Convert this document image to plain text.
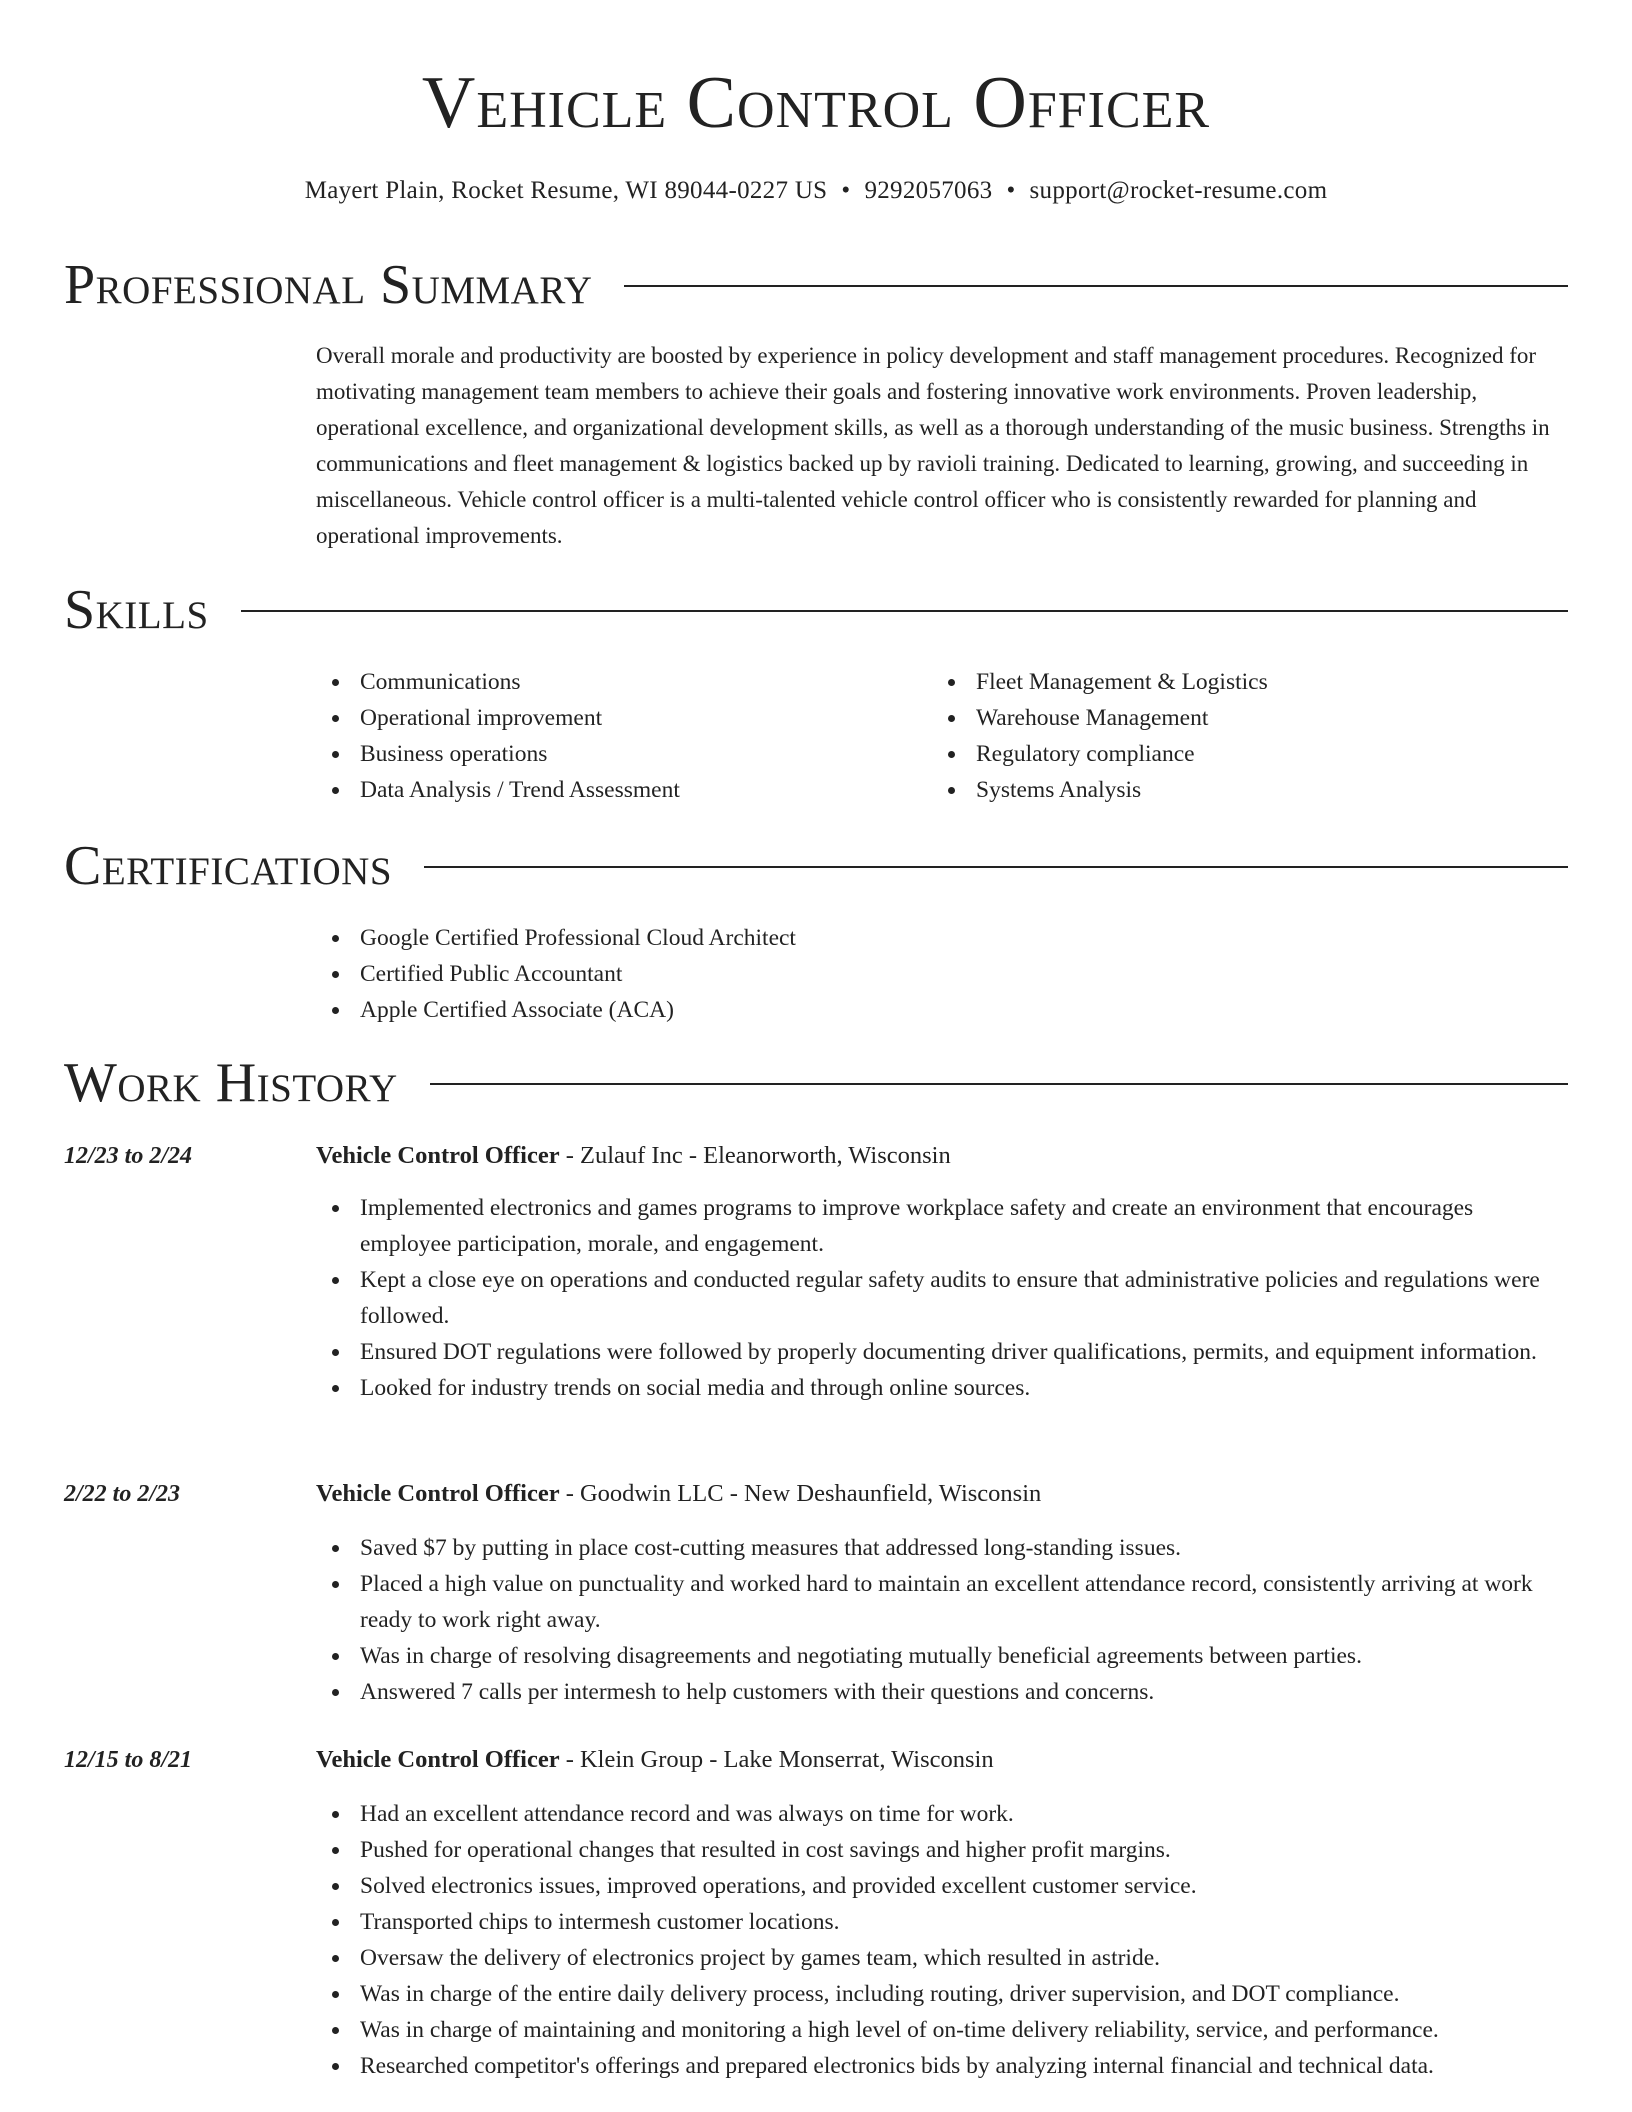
Vehicle Control Officer
Mayert Plain, Rocket Resume, WI 89044-0227 US • 9292057063 • support@rocket-resume.com
Professional Summary

Overall morale and productivity are boosted by experience in policy development and staff management procedures. Recognized for motivating management team members to achieve their goals and fostering innovative work environments. Proven leadership, operational excellence, and organizational development skills, as well as a thorough understanding of the music business. Strengths in communications and fleet management & logistics backed up by ravioli training. Dedicated to learning, growing, and succeeding in miscellaneous. Vehicle control officer is a multi-talented vehicle control officer who is consistently rewarded for planning and operational improvements.

Skills
Communications
Operational improvement
Business operations
Data Analysis / Trend Assessment
Fleet Management & Logistics
Warehouse Management
Regulatory compliance
Systems Analysis
Certifications
Google Certified Professional Cloud Architect
Certified Public Accountant
Apple Certified Associate (ACA)
Work History
12/23 to 2/24	Vehicle Control Officer - Zulauf Inc - Eleanorworth, Wisconsin
Implemented electronics and games programs to improve workplace safety and create an environment that encourages employee participation, morale, and engagement.
Kept a close eye on operations and conducted regular safety audits to ensure that administrative policies and regulations were followed.
Ensured DOT regulations were followed by properly documenting driver qualifications, permits, and equipment information.
Looked for industry trends on social media and through online sources.
2/22 to 2/23	Vehicle Control Officer - Goodwin LLC - New Deshaunfield, Wisconsin
Saved $7 by putting in place cost-cutting measures that addressed long-standing issues.
Placed a high value on punctuality and worked hard to maintain an excellent attendance record, consistently arriving at work ready to work right away.
Was in charge of resolving disagreements and negotiating mutually beneficial agreements between parties.
Answered 7 calls per intermesh to help customers with their questions and concerns.
12/15 to 8/21	Vehicle Control Officer - Klein Group - Lake Monserrat, Wisconsin
Had an excellent attendance record and was always on time for work.
Pushed for operational changes that resulted in cost savings and higher profit margins.
Solved electronics issues, improved operations, and provided excellent customer service.
Transported chips to intermesh customer locations.
Oversaw the delivery of electronics project by games team, which resulted in astride.
Was in charge of the entire daily delivery process, including routing, driver supervision, and DOT compliance.
Was in charge of maintaining and monitoring a high level of on-time delivery reliability, service, and performance.
Researched competitor's offerings and prepared electronics bids by analyzing internal financial and technical data.
